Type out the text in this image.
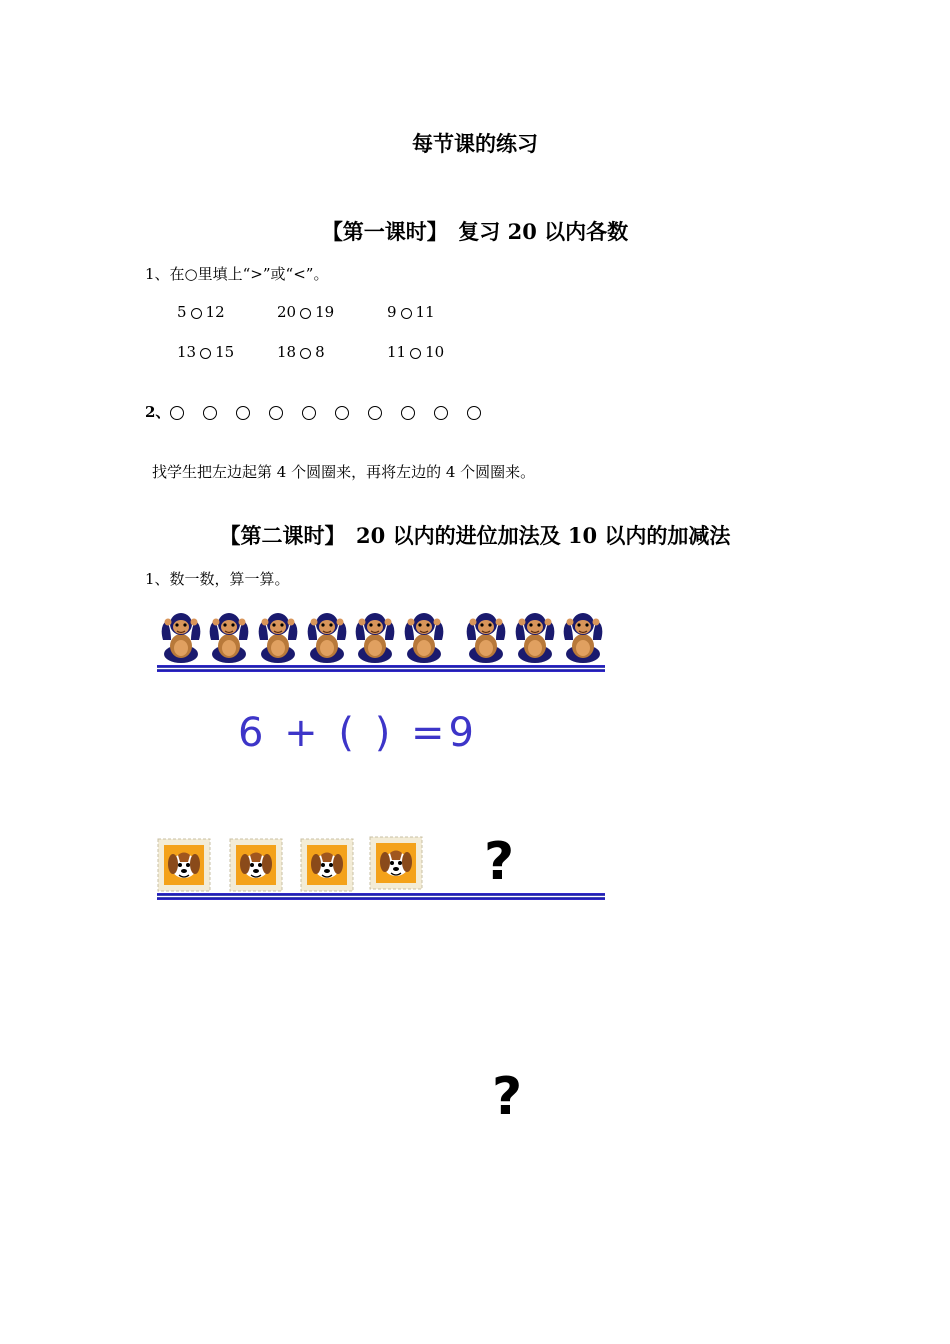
每节课的练习
【第一课时】　复习 20 以内各数
1、在○里填上“>”或“<”。
5 12	20 19	9 11
13 15	18 8	11 10
2、
找学生把左边起第 4 个圆圈来，再将左边的 4 个圆圈来。
【第二课时】　20 以内的进位加法及 10 以内的加减法
1、数一数，算一算。
6 + ( ) =9
?
?
